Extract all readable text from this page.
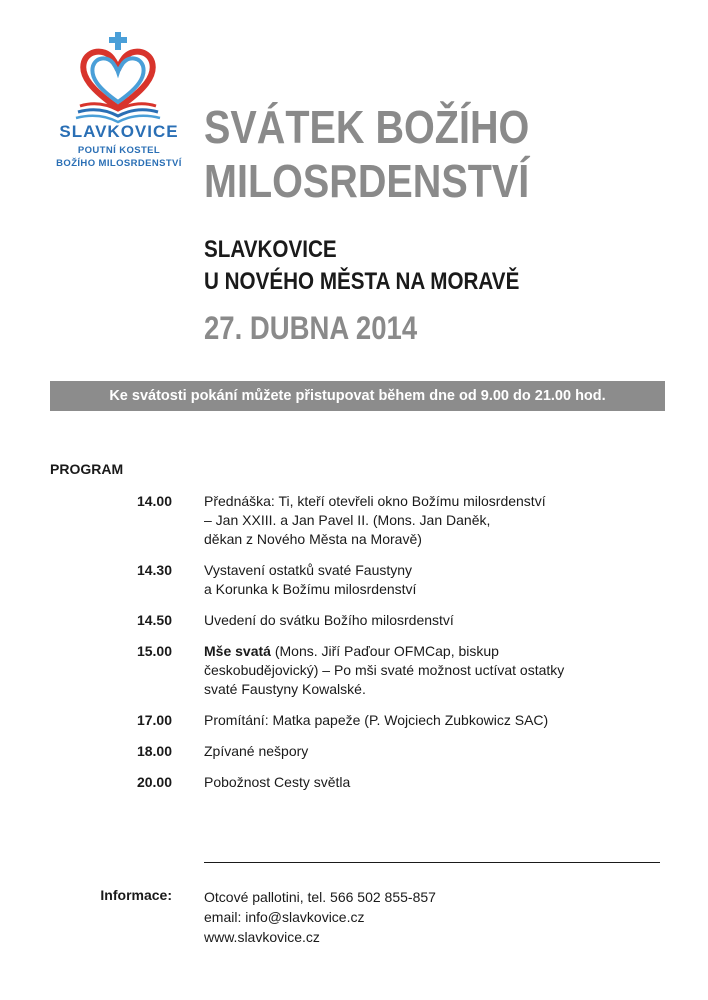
SLAVKOVICE
POUTNÍ KOSTEL
BOŽÍHO MILOSRDENSTVÍ
SVÁTEK BOŽÍHO
MILOSRDENSTVÍ
SLAVKOVICE
U NOVÉHO MĚSTA NA MORAVĚ
27. DUBNA 2014
Ke svátosti pokání můžete přistupovat během dne od 9.00 do 21.00 hod.
PROGRAM
14.00 Přednáška: Ti, kteří otevřeli okno Božímu milosrdenství
– Jan XXIII. a Jan Pavel II. (Mons. Jan Daněk,
děkan z Nového Města na Moravě)
14.30 Vystavení ostatků svaté Faustyny
a Korunka k Božímu milosrdenství
14.50 Uvedení do svátku Božího milosrdenství
15.00 Mše svatá (Mons. Jiří Paďour OFMCap, biskup
českobudějovický) – Po mši svaté možnost uctívat ostatky
svaté Faustyny Kowalské.
17.00 Promítání: Matka papeže (P. Wojciech Zubkowicz SAC)
18.00 Zpívané nešpory
20.00 Pobožnost Cesty světla
Informace: Otcové pallotini, tel. 566 502 855-857
email: info@slavkovice.cz
www.slavkovice.cz
